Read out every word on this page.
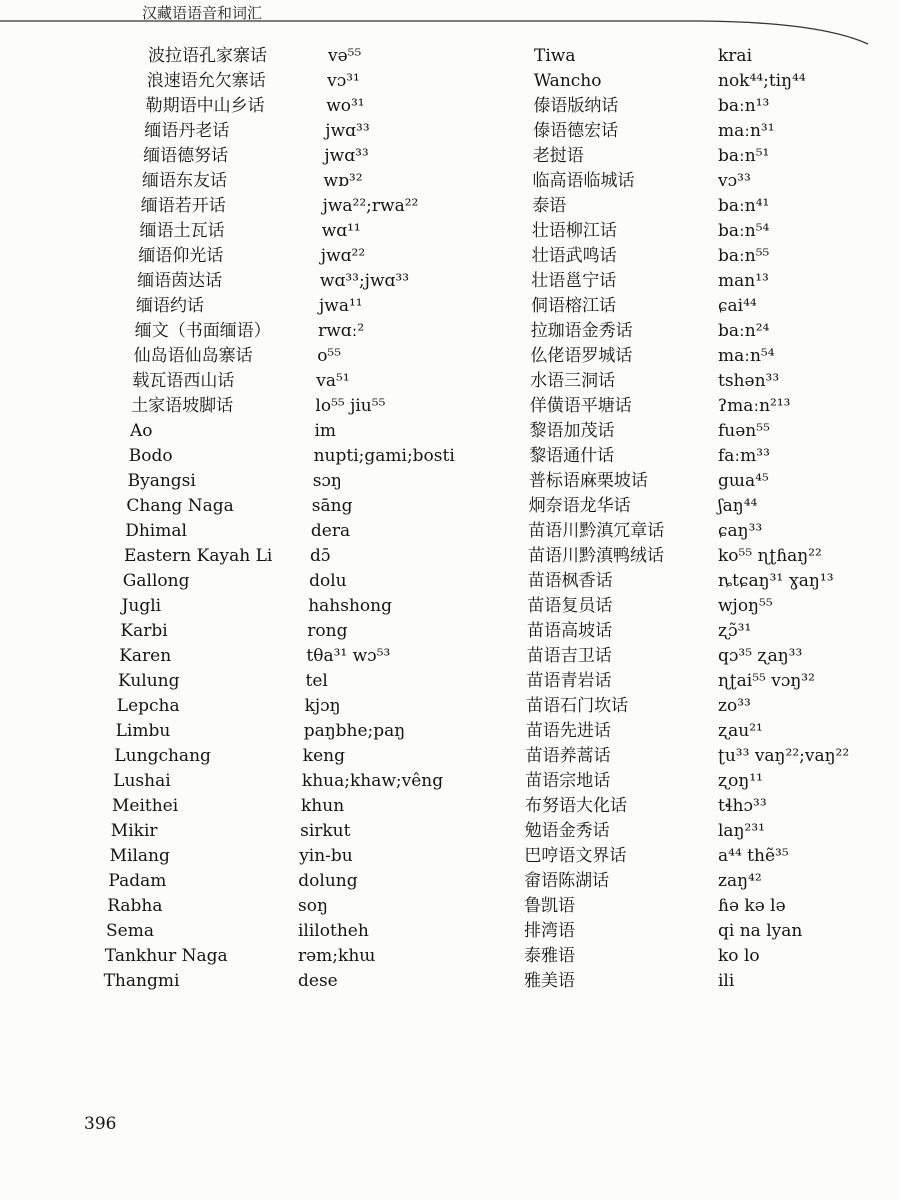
汉藏语语音和词汇
波拉语孔家寨话
浪速语允欠寨话
勒期语中山乡话
缅语丹老话
缅语德努话
缅语东友话
缅语若开话
缅语土瓦话
缅语仰光话
缅语茵达话
缅语约话
缅文（书面缅语）
仙岛语仙岛寨话
载瓦语西山话
土家语坡脚话
Ao
Bodo
Byangsi
Chang Naga
Dhimal
Eastern Kayah Li
Gallong
Jugli
Karbi
Karen
Kulung
Lepcha
Limbu
Lungchang
Lushai
Meithei
Mikir
Milang
Padam
Rabha
Sema
Tankhur Naga
Thangmi
və⁵⁵
vɔ³¹
wo³¹
jwɑ³³
jwɑ³³
wɒ³²
jwa²²;rwa²²
wɑ¹¹
jwɑ²²
wɑ³³;jwɑ³³
jwa¹¹
rwɑː²
o⁵⁵
va⁵¹
lo⁵⁵ jiu⁵⁵
im
nupti;gami;bosti
sɔŋ
sāng
dera
dɔ̄
dolu
hahshong
rong
tθa³¹ wɔ⁵³
tel
kjɔŋ
paŋbhe;paŋ
keng
khua;khaw;vêng
khun
sirkut
yin-bu
dolung
soŋ
ililotheh
rəm;khɯ
dese
Tiwa
Wancho
傣语版纳话
傣语德宏话
老挝语
临高语临城话
泰语
壮语柳江话
壮语武鸣话
壮语邕宁话
侗语榕江话
拉珈语金秀话
仫佬语罗城话
水语三洞话
佯僙语平塘话
黎语加茂话
黎语通什话
普标语麻栗坡话
炯奈语龙华话
苗语川黔滇冗章话
苗语川黔滇鸭绒话
苗语枫香话
苗语复员话
苗语高坡话
苗语吉卫话
苗语青岩话
苗语石门坎话
苗语先进话
苗语养蒿话
苗语宗地话
布努语大化话
勉语金秀话
巴哼语文界话
畲语陈湖话
鲁凯语
排湾语
泰雅语
雅美语
krai
nok⁴⁴;tiŋ⁴⁴
baːn¹³
maːn³¹
baːn⁵¹
vɔ³³
baːn⁴¹
baːn⁵⁴
baːn⁵⁵
man¹³
ɕai⁴⁴
baːn²⁴
maːn⁵⁴
tshən³³
ʔmaːn²¹³
fuən⁵⁵
faːm³³
gɯa⁴⁵
ʃaŋ⁴⁴
ɕaŋ³³
ko⁵⁵ ɳʈɦaŋ²²
ȵtɕaŋ³¹ ɣaŋ¹³
wjoŋ⁵⁵
ʐɔ̃³¹
qɔ³⁵ ʐaŋ³³
ɳʈai⁵⁵ vɔŋ³²
zo³³
ʐau²¹
ʈu³³ vaŋ²²;vaŋ²²
ʐoŋ¹¹
tɬhɔ³³
laŋ²³¹
a⁴⁴ thẽ³⁵
zaŋ⁴²
ɦə kə lə
qi na lyan
ko lo
ili
396
